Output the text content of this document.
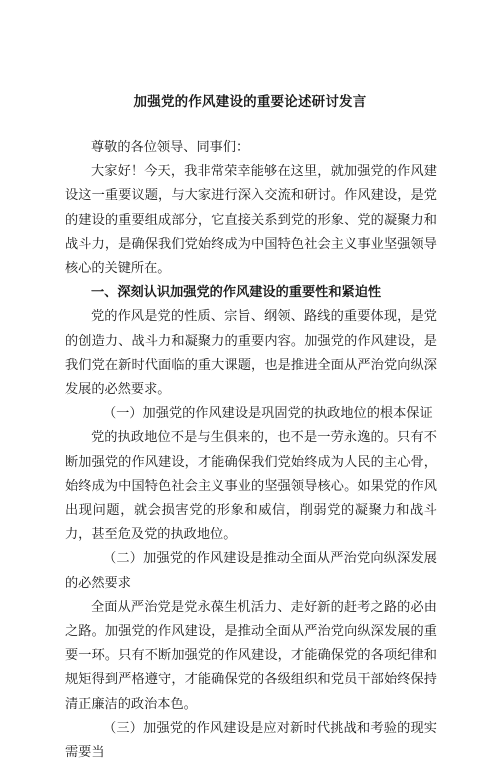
加强党的作风建设的重要论述研讨发言

尊敬的各位领导、同事们：

大家好！今天，我非常荣幸能够在这里，就加强党的作风建设这一重要议题，与大家进行深入交流和研讨。作风建设，是党的建设的重要组成部分，它直接关系到党的形象、党的凝聚力和战斗力，是确保我们党始终成为中国特色社会主义事业坚强领导核心的关键所在。

一、深刻认识加强党的作风建设的重要性和紧迫性

党的作风是党的性质、宗旨、纲领、路线的重要体现，是党的创造力、战斗力和凝聚力的重要内容。加强党的作风建设，是我们党在新时代面临的重大课题，也是推进全面从严治党向纵深发展的必然要求。

（一）加强党的作风建设是巩固党的执政地位的根本保证

党的执政地位不是与生俱来的，也不是一劳永逸的。只有不断加强党的作风建设，才能确保我们党始终成为人民的主心骨，始终成为中国特色社会主义事业的坚强领导核心。如果党的作风出现问题，就会损害党的形象和威信，削弱党的凝聚力和战斗力，甚至危及党的执政地位。

（二）加强党的作风建设是推动全面从严治党向纵深发展的必然要求

全面从严治党是党永葆生机活力、走好新的赶考之路的必由之路。加强党的作风建设，是推动全面从严治党向纵深发展的重要一环。只有不断加强党的作风建设，才能确保党的各项纪律和规矩得到严格遵守，才能确保党的各级组织和党员干部始终保持清正廉洁的政治本色。

（三）加强党的作风建设是应对新时代挑战和考验的现实需要当
